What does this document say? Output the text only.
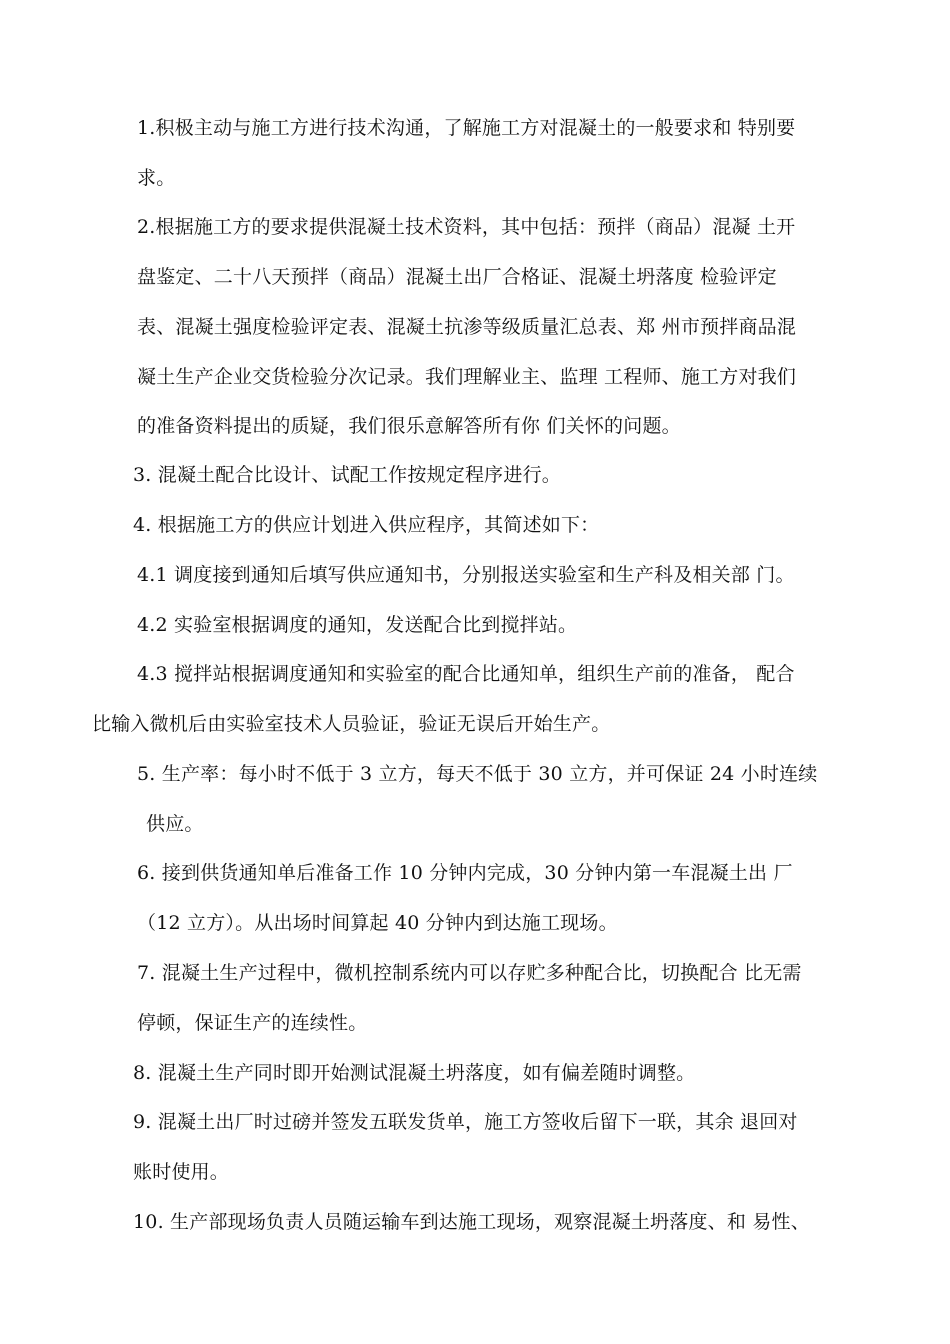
1.积极主动与施工方进行技术沟通，了解施工方对混凝土的一般要求和 特别要
求。
2.根据施工方的要求提供混凝土技术资料，其中包括：预拌（商品）混凝 土开
盘鉴定、二十八天预拌（商品）混凝土出厂合格证、混凝土坍落度 检验评定
表、混凝土强度检验评定表、混凝土抗渗等级质量汇总表、郑 州市预拌商品混
凝土生产企业交货检验分次记录。我们理解业主、监理 工程师、施工方对我们
的准备资料提出的质疑，我们很乐意解答所有你 们关怀的问题。
3. 混凝土配合比设计、试配工作按规定程序进行。
4. 根据施工方的供应计划进入供应程序，其简述如下：
4.1 调度接到通知后填写供应通知书，分别报送实验室和生产科及相关部 门。
4.2 实验室根据调度的通知，发送配合比到搅拌站。
4.3 搅拌站根据调度通知和实验室的配合比通知单，组织生产前的准备， 配合
比输入微机后由实验室技术人员验证，验证无误后开始生产。
5. 生产率：每小时不低于 3 立方，每天不低于 30 立方，并可保证 24 小时连续
供应。
6. 接到供货通知单后准备工作 10 分钟内完成，30 分钟内第一车混凝土出 厂
（12 立方）。从出场时间算起 40 分钟内到达施工现场。
7. 混凝土生产过程中，微机控制系统内可以存贮多种配合比，切换配合 比无需
停顿，保证生产的连续性。
8. 混凝土生产同时即开始测试混凝土坍落度，如有偏差随时调整。
9. 混凝土出厂时过磅并签发五联发货单，施工方签收后留下一联，其余 退回对
账时使用。
10. 生产部现场负责人员随运输车到达施工现场，观察混凝土坍落度、和 易性、
